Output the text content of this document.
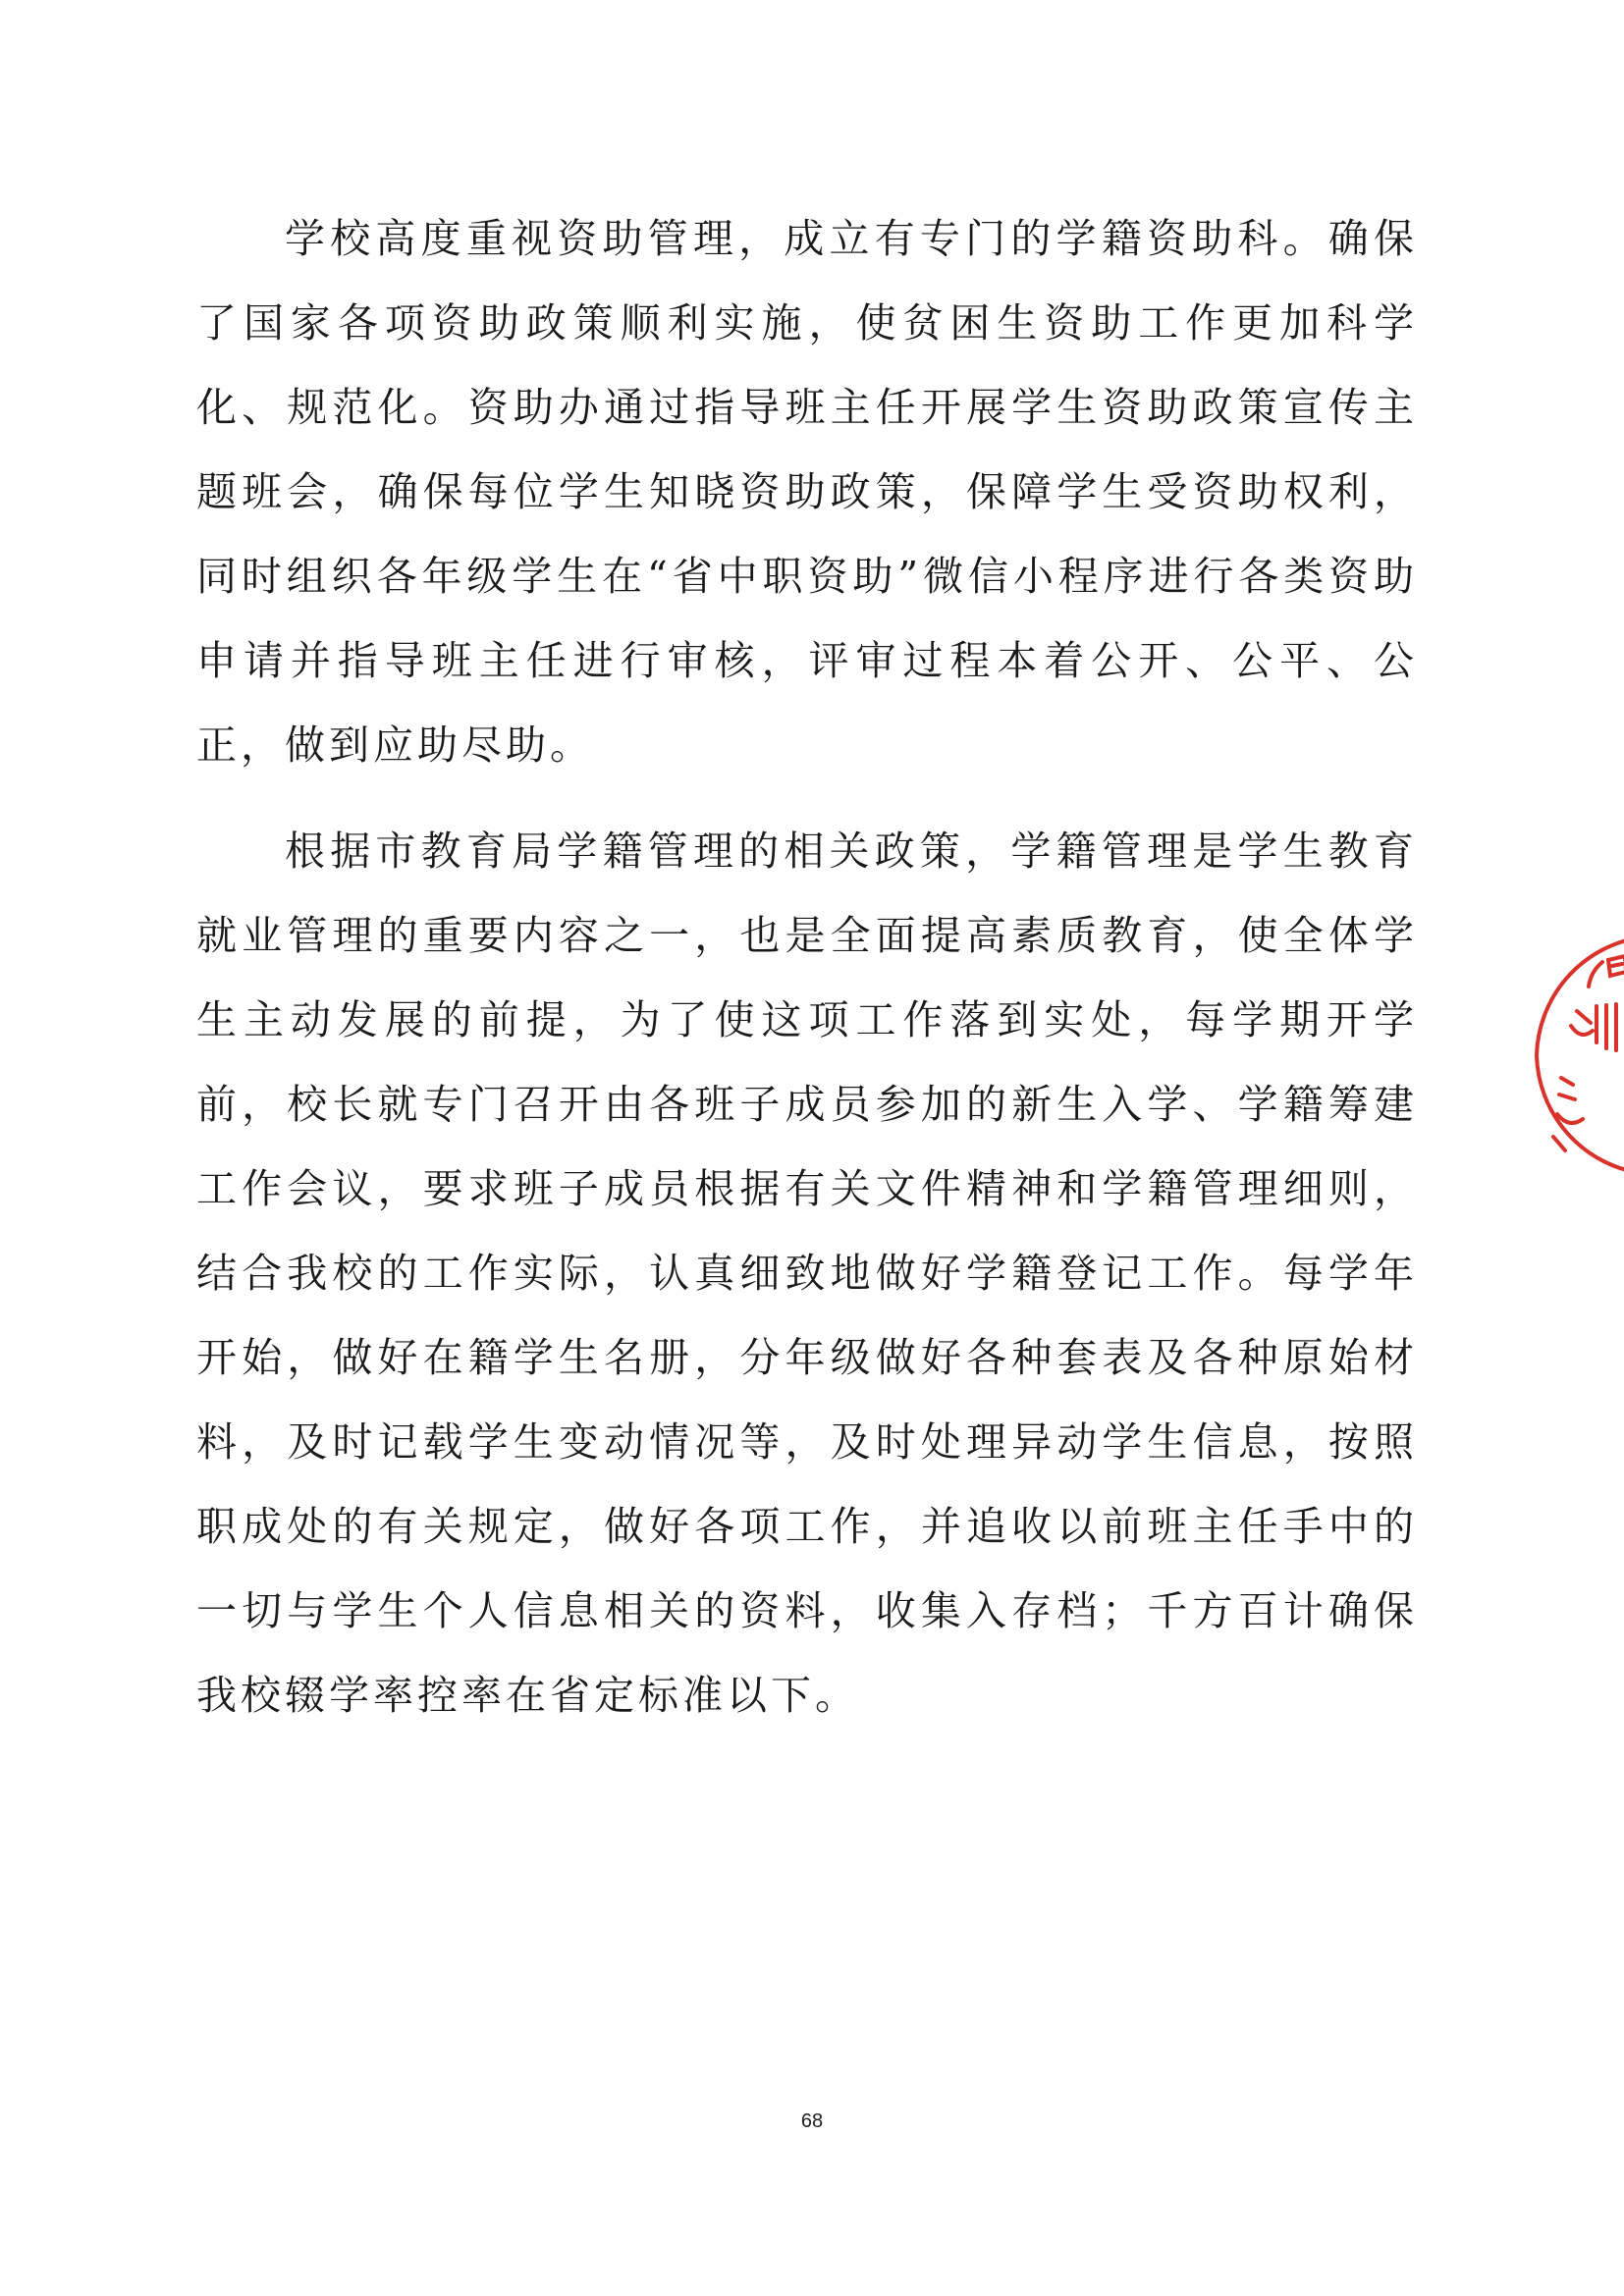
学校高度重视资助管理，成立有专门的学籍资助科。确保了国家各项资助政策顺利实施，使贫困生资助工作更加科学化、规范化。资助办通过指导班主任开展学生资助政策宣传主题班会，确保每位学生知晓资助政策，保障学生受资助权利，同时组织各年级学生在“省中职资助”微信小程序进行各类资助申请并指导班主任进行审核，评审过程本着公开、公平、公正，做到应助尽助。

根据市教育局学籍管理的相关政策，学籍管理是学生教育就业管理的重要内容之一，也是全面提高素质教育，使全体学生主动发展的前提，为了使这项工作落到实处，每学期开学前，校长就专门召开由各班子成员参加的新生入学、学籍筹建工作会议，要求班子成员根据有关文件精神和学籍管理细则，结合我校的工作实际，认真细致地做好学籍登记工作。每学年开始，做好在籍学生名册，分年级做好各种套表及各种原始材料，及时记载学生变动情况等，及时处理异动学生信息，按照职成处的有关规定，做好各项工作，并追收以前班主任手中的一切与学生个人信息相关的资料，收集入存档；千方百计确保我校辍学率控率在省定标准以下。

68
